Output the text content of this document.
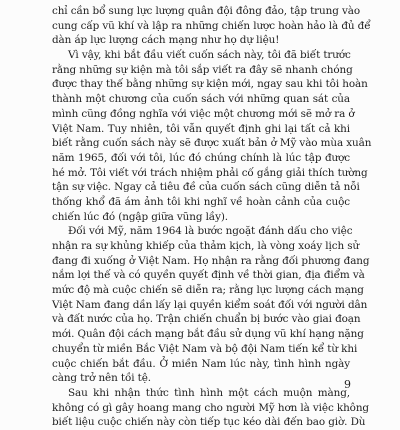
chỉ cần bổ sung lực lượng quân đội đông đảo, tập trung vào
cung cấp vũ khí và lập ra những chiến lược hoàn hảo là đủ để
dàn áp lực lượng cách mạng như họ dự liệu!
Vì vậy, khi bắt đầu viết cuốn sách này, tôi đã biết trước
rằng những sự kiện mà tôi sắp viết ra đây sẽ nhanh chóng
được thay thế bằng những sự kiện mới, ngay sau khi tôi hoàn
thành một chương của cuốn sách với những quan sát của
mình cũng đồng nghĩa với việc một chương mới sẽ mở ra ở
Việt Nam. Tuy nhiên, tôi vẫn quyết định ghi lại tất cả khi
biết rằng cuốn sách này sẽ được xuất bản ở Mỹ vào mùa xuân
năm 1965, đối với tôi, lúc đó chúng chính là lúc tập được
hé mở. Tôi viết với trách nhiệm phải cố gắng giải thích tường
tận sự việc. Ngay cả tiêu đề của cuốn sách cũng diễn tả nỗi
thống khổ đã ám ảnh tôi khi nghĩ về hoàn cảnh của cuộc
chiến lúc đó (ngập giữa vũng lầy).
Đối với Mỹ, năm 1964 là bước ngoặt đánh dấu cho việc
nhận ra sự khủng khiếp của thảm kịch, là vòng xoáy lịch sử
đang đi xuống ở Việt Nam. Họ nhận ra rằng đối phương đang
nắm lợi thế và có quyền quyết định về thời gian, địa điểm và
mức độ mà cuộc chiến sẽ diễn ra; rằng lực lượng cách mạng
Việt Nam đang dần lấy lại quyền kiểm soát đối với người dân
và đất nước của họ. Trận chiến chuẩn bị bước vào giai đoạn
mới. Quân đội cách mạng bắt đầu sử dụng vũ khí hạng nặng
chuyển từ miền Bắc Việt Nam và bộ đội Nam tiến kể từ khi
cuộc chiến bắt đầu. Ở miền Nam lúc này, tình hình ngày
càng trở nên tồi tệ.
Sau khi nhận thức tình hình một cách muộn màng,
không có gì gây hoang mang cho người Mỹ hơn là việc không
biết liệu cuộc chiến này còn tiếp tục kéo dài đến bao giờ. Dù
9
